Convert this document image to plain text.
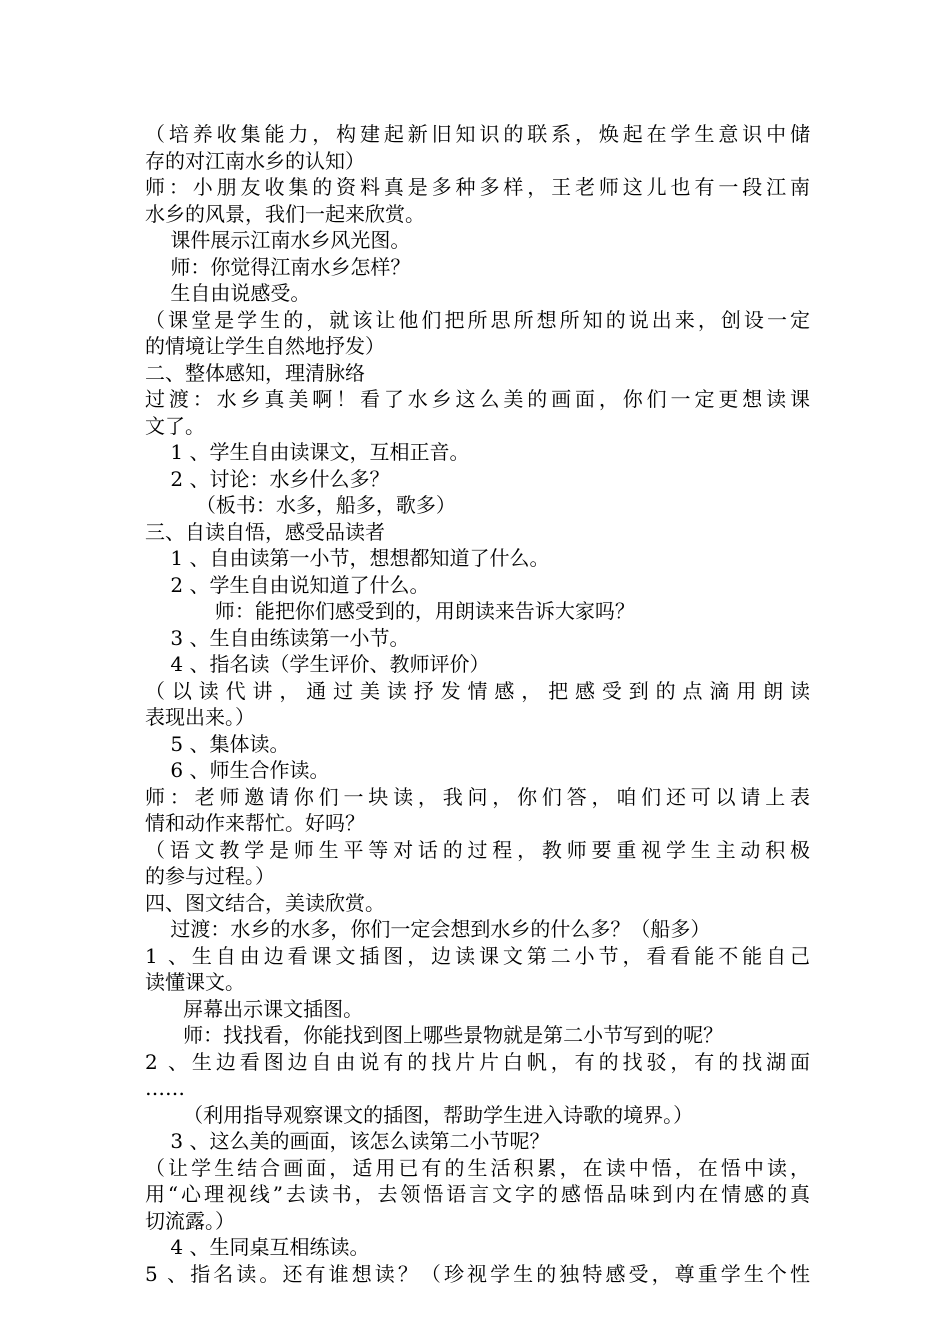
（培养收集能力，构建起新旧知识的联系，焕起在学生意识中储
存的对江南水乡的认知）
师：小朋友收集的资料真是多种多样，王老师这儿也有一段江南
水乡的风景，我们一起来欣赏。
课件展示江南水乡风光图。
师：你觉得江南水乡怎样？
生自由说感受。
（课堂是学生的，就该让他们把所思所想所知的说出来，创设一定
的情境让学生自然地抒发）
二、整体感知，理清脉络
过渡：水乡真美啊！看了水乡这么美的画面，你们一定更想读课
文了。
1 、学生自由读课文，互相正音。
2 、讨论：水乡什么多？
（板书：水多，船多，歌多）
三、自读自悟，感受品读者
1 、自由读第一小节，想想都知道了什么。
2 、学生自由说知道了什么。
师：能把你们感受到的，用朗读来告诉大家吗？
3 、生自由练读第一小节。
4 、指名读（学生评价、教师评价）
（以读代讲，通过美读抒发情感，把感受到的点滴用朗读
表现出来。）
5 、集体读。
6 、师生合作读。
师：老师邀请你们一块读，我问，你们答，咱们还可以请上表
情和动作来帮忙。好吗？
（语文教学是师生平等对话的过程，教师要重视学生主动积极
的参与过程。）
四、图文结合，美读欣赏。
过渡：水乡的水多，你们一定会想到水乡的什么多？（船多）
1 、生自由边看课文插图，边读课文第二小节，看看能不能自己
读懂课文。
屏幕出示课文插图。
师：找找看，你能找到图上哪些景物就是第二小节写到的呢？
2 、生边看图边自由说有的找片片白帆，有的找驳，有的找湖面
……
（利用指导观察课文的插图，帮助学生进入诗歌的境界。）
3 、这么美的画面，该怎么读第二小节呢？
（让学生结合画面，适用已有的生活积累，在读中悟，在悟中读，
用“心理视线”去读书，去领悟语言文字的感悟品味到内在情感的真
切流露。）
4 、生同桌互相练读。
5 、指名读。还有谁想读？（珍视学生的独特感受，尊重学生个性
